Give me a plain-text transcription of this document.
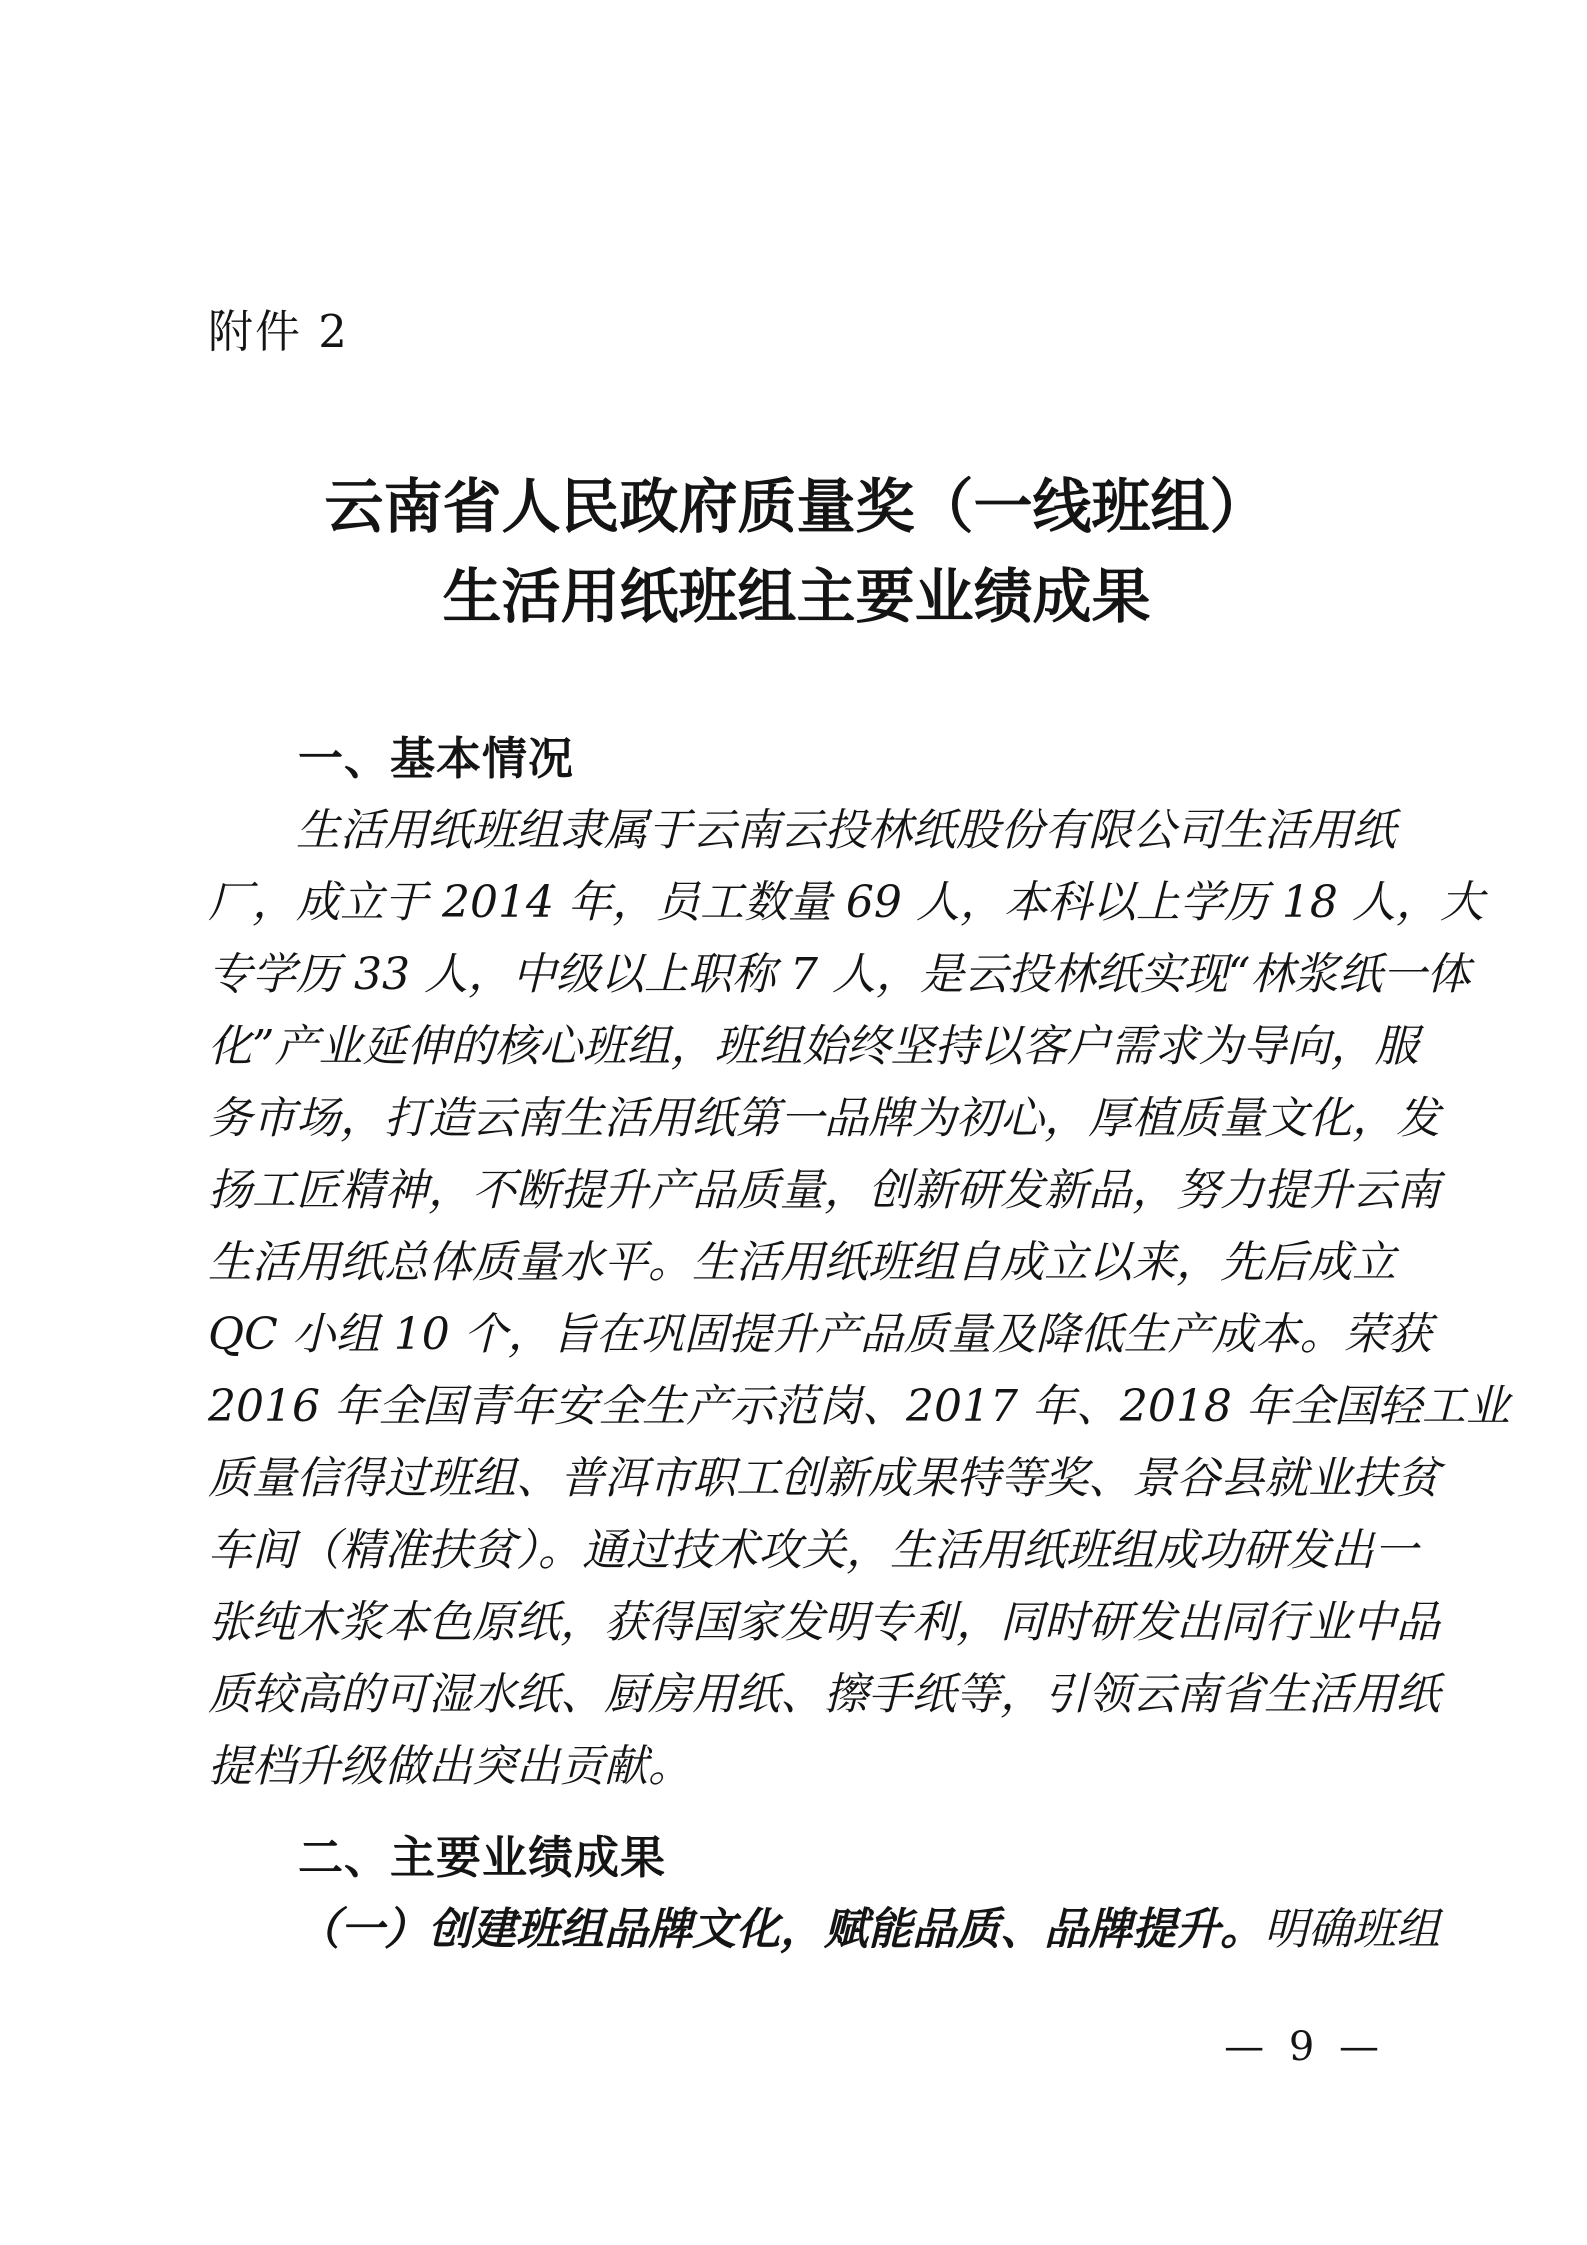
附件 2
云南省人民政府质量奖（一线班组）
生活用纸班组主要业绩成果
一、基本情况
生活用纸班组隶属于云南云投林纸股份有限公司生活用纸
厂，成立于 2014 年，员工数量 69 人，本科以上学历 18 人，大
专学历 33 人，中级以上职称 7 人，是云投林纸实现“林浆纸一体
化”产业延伸的核心班组，班组始终坚持以客户需求为导向，服
务市场，打造云南生活用纸第一品牌为初心，厚植质量文化，发
扬工匠精神，不断提升产品质量，创新研发新品，努力提升云南
生活用纸总体质量水平。生活用纸班组自成立以来，先后成立
QC 小组 10 个，旨在巩固提升产品质量及降低生产成本。荣获
2016 年全国青年安全生产示范岗、2017 年、2018 年全国轻工业
质量信得过班组、普洱市职工创新成果特等奖、景谷县就业扶贫
车间（精准扶贫）。通过技术攻关，生活用纸班组成功研发出一
张纯木浆本色原纸，获得国家发明专利，同时研发出同行业中品
质较高的可湿水纸、厨房用纸、擦手纸等，引领云南省生活用纸
提档升级做出突出贡献。
二、主要业绩成果
（一）创建班组品牌文化，赋能品质、品牌提升。明确班组
— 9 —
